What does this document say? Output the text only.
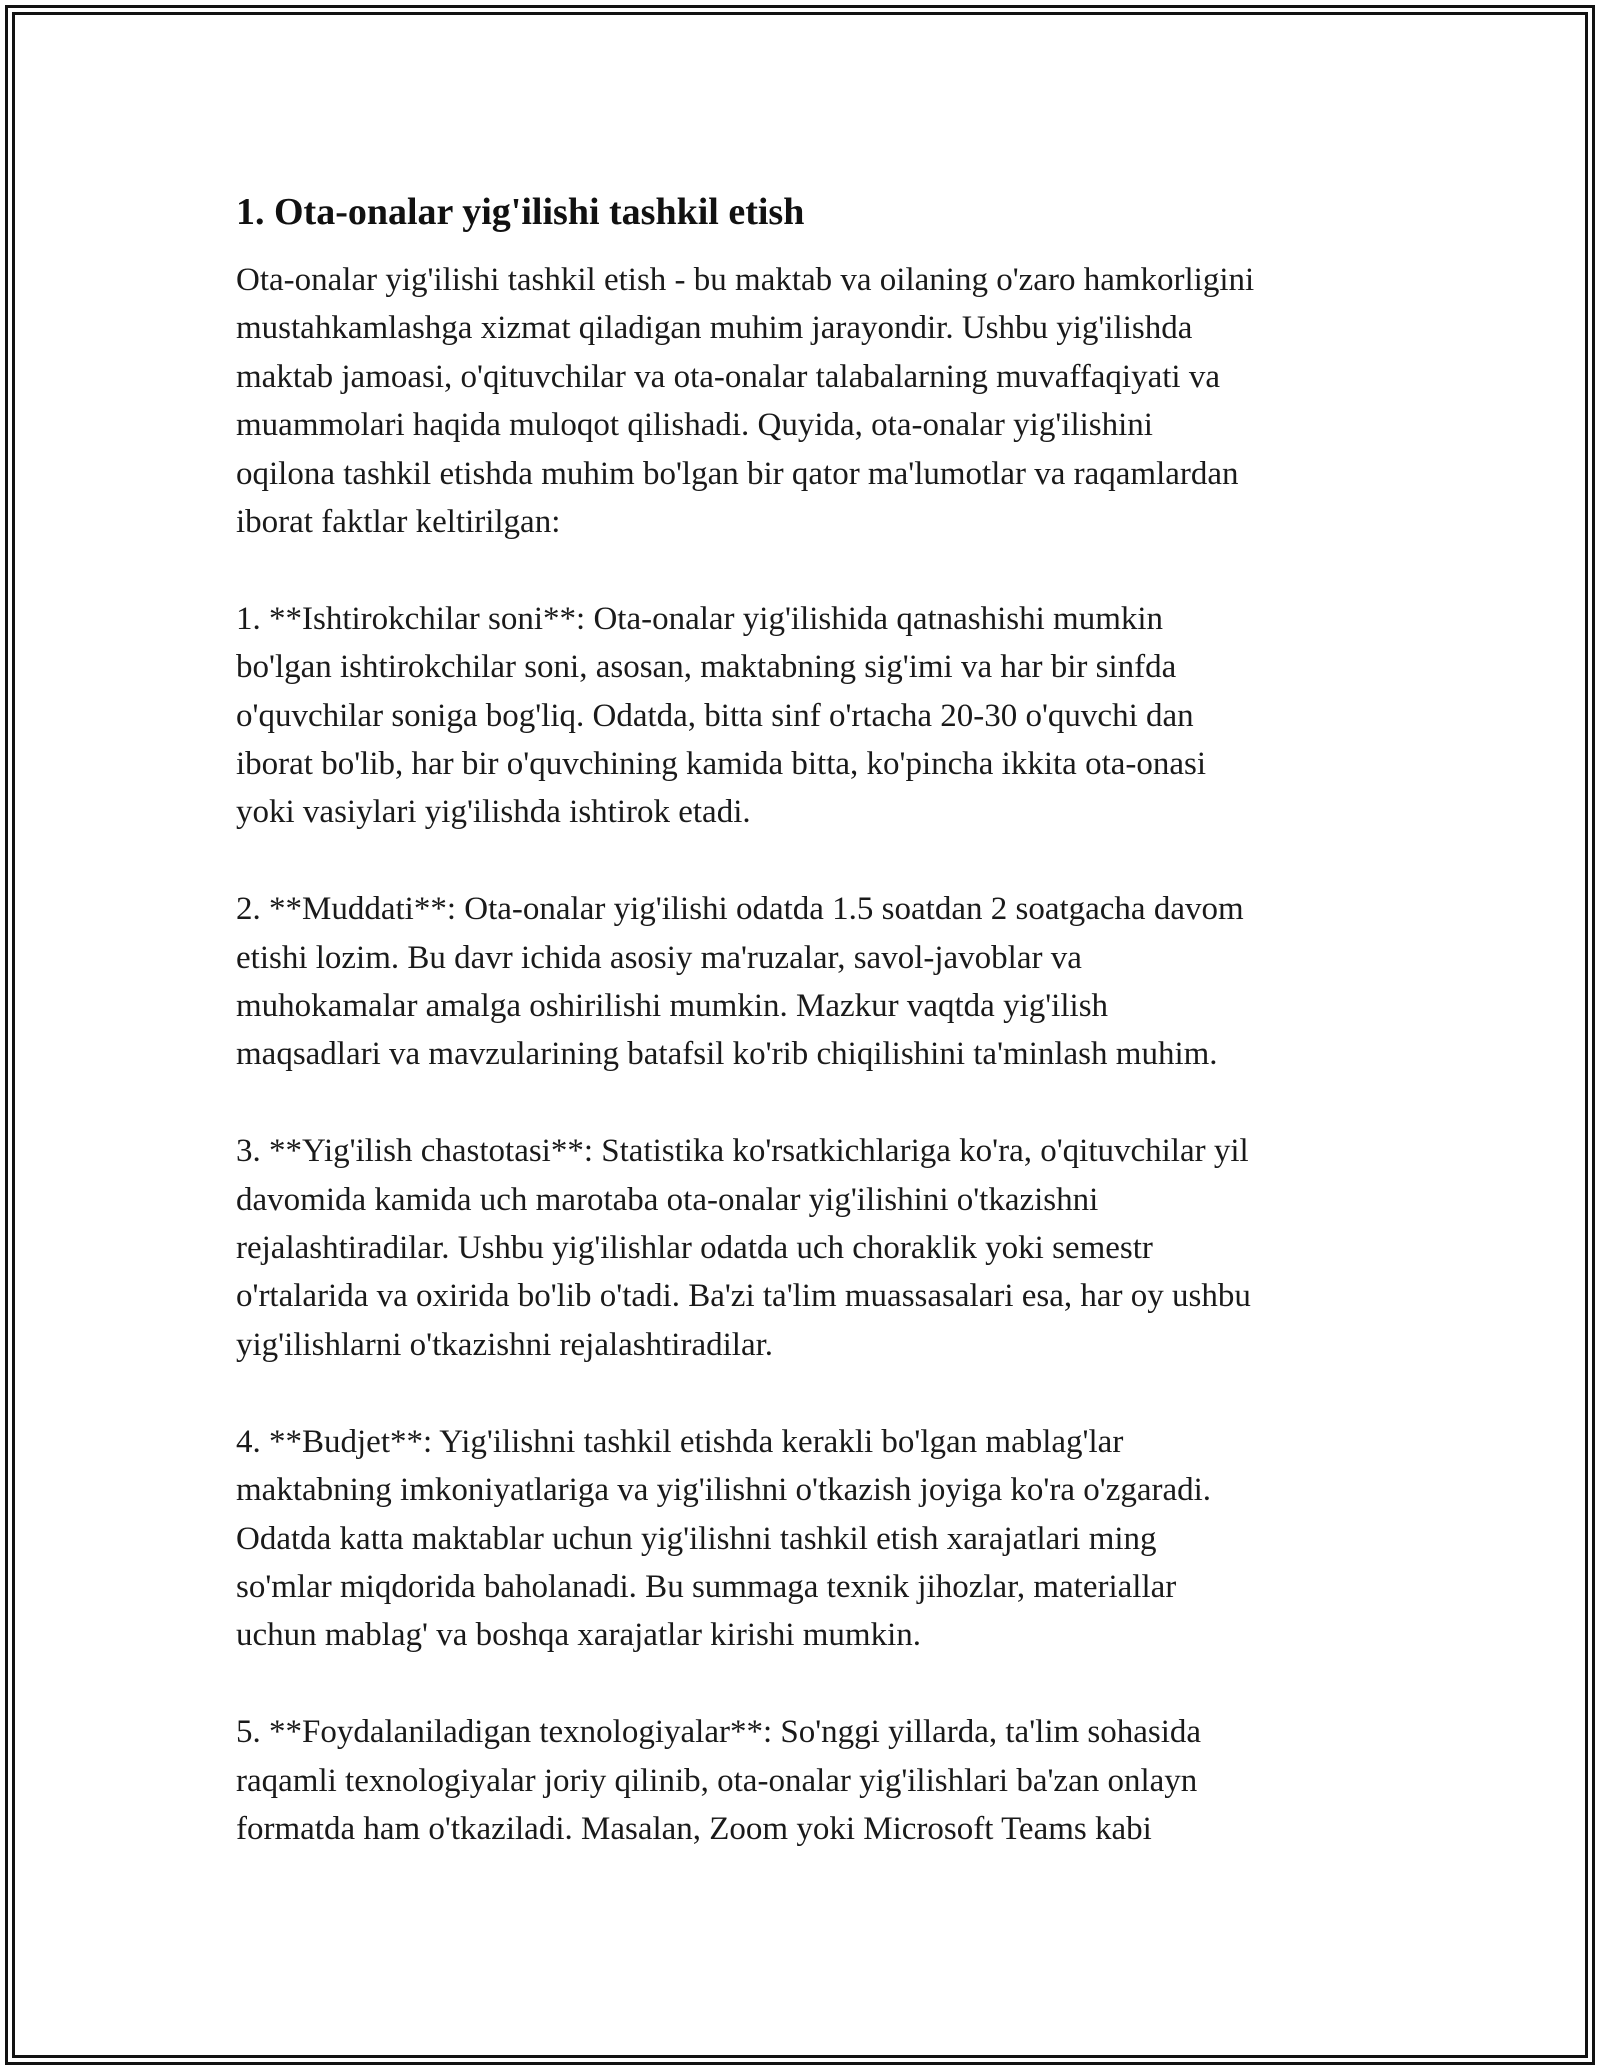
1. Ota-onalar yig'ilishi tashkil etish

Ota-onalar yig'ilishi tashkil etish - bu maktab va oilaning o'zaro hamkorligini
mustahkamlashga xizmat qiladigan muhim jarayondir. Ushbu yig'ilishda
maktab jamoasi, o'qituvchilar va ota-onalar talabalarning muvaffaqiyati va
muammolari haqida muloqot qilishadi. Quyida, ota-onalar yig'ilishini
oqilona tashkil etishda muhim bo'lgan bir qator ma'lumotlar va raqamlardan
iborat faktlar keltirilgan:

1. **Ishtirokchilar soni**: Ota-onalar yig'ilishida qatnashishi mumkin
bo'lgan ishtirokchilar soni, asosan, maktabning sig'imi va har bir sinfda
o'quvchilar soniga bog'liq. Odatda, bitta sinf o'rtacha 20-30 o'quvchi dan
iborat bo'lib, har bir o'quvchining kamida bitta, ko'pincha ikkita ota-onasi
yoki vasiylari yig'ilishda ishtirok etadi.

2. **Muddati**: Ota-onalar yig'ilishi odatda 1.5 soatdan 2 soatgacha davom
etishi lozim. Bu davr ichida asosiy ma'ruzalar, savol-javoblar va
muhokamalar amalga oshirilishi mumkin. Mazkur vaqtda yig'ilish
maqsadlari va mavzularining batafsil ko'rib chiqilishini ta'minlash muhim.

3. **Yig'ilish chastotasi**: Statistika ko'rsatkichlariga ko'ra, o'qituvchilar yil
davomida kamida uch marotaba ota-onalar yig'ilishini o'tkazishni
rejalashtiradilar. Ushbu yig'ilishlar odatda uch choraklik yoki semestr
o'rtalarida va oxirida bo'lib o'tadi. Ba'zi ta'lim muassasalari esa, har oy ushbu
yig'ilishlarni o'tkazishni rejalashtiradilar.

4. **Budjet**: Yig'ilishni tashkil etishda kerakli bo'lgan mablag'lar
maktabning imkoniyatlariga va yig'ilishni o'tkazish joyiga ko'ra o'zgaradi.
Odatda katta maktablar uchun yig'ilishni tashkil etish xarajatlari ming
so'mlar miqdorida baholanadi. Bu summaga texnik jihozlar, materiallar
uchun mablag' va boshqa xarajatlar kirishi mumkin.

5. **Foydalaniladigan texnologiyalar**: So'nggi yillarda, ta'lim sohasida
raqamli texnologiyalar joriy qilinib, ota-onalar yig'ilishlari ba'zan onlayn
formatda ham o'tkaziladi. Masalan, Zoom yoki Microsoft Teams kabi
